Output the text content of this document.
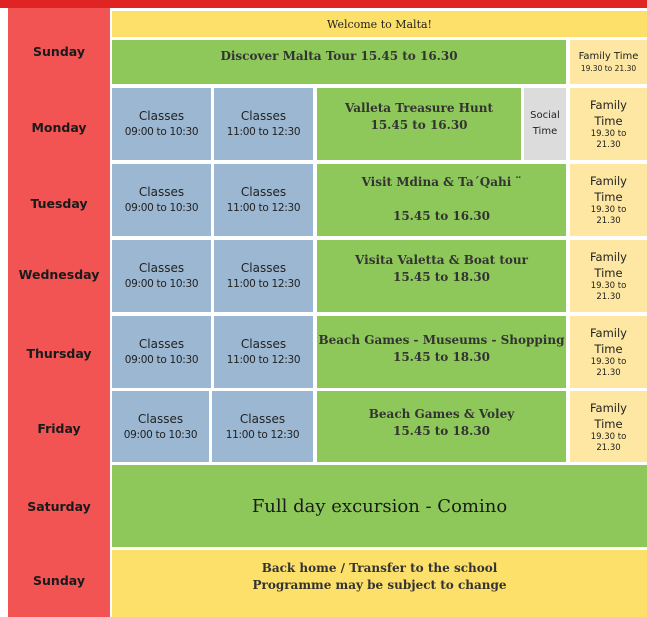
Sunday
Monday
Tuesday
Wednesday
Thursday
Friday
Saturday
Sunday
Welcome to Malta!
Discover Malta Tour 15.45 to 16.30	Family Time
19.30 to 21.30
Classes
09:00 to 10:30
Classes
11:00 to 12:30
Valleta Treasure Hunt
15.45 to 16.30
Social
Time
Family
Time
19.30 to
21.30
Classes
09:00 to 10:30
Classes
11:00 to 12:30
Visit Mdina & Ta´Qahi ¨
15.45 to 16.30
Family
Time
19.30 to
21.30
Classes
09:00 to 10:30
Classes
11:00 to 12:30
Visita Valetta & Boat tour
15.45 to 18.30
Family
Time
19.30 to
21.30
Classes
09:00 to 10:30
Classes
11:00 to 12:30
Beach Games - Museums - Shopping
15.45 to 18.30
Family
Time
19.30 to
21.30
Classes
09:00 to 10:30
Classes
11:00 to 12:30
Beach Games & Voley
15.45 to 18.30
Family
Time
19.30 to
21.30
Full day excursion - Comino
Back home / Transfer to the school
Programme may be subject to change
